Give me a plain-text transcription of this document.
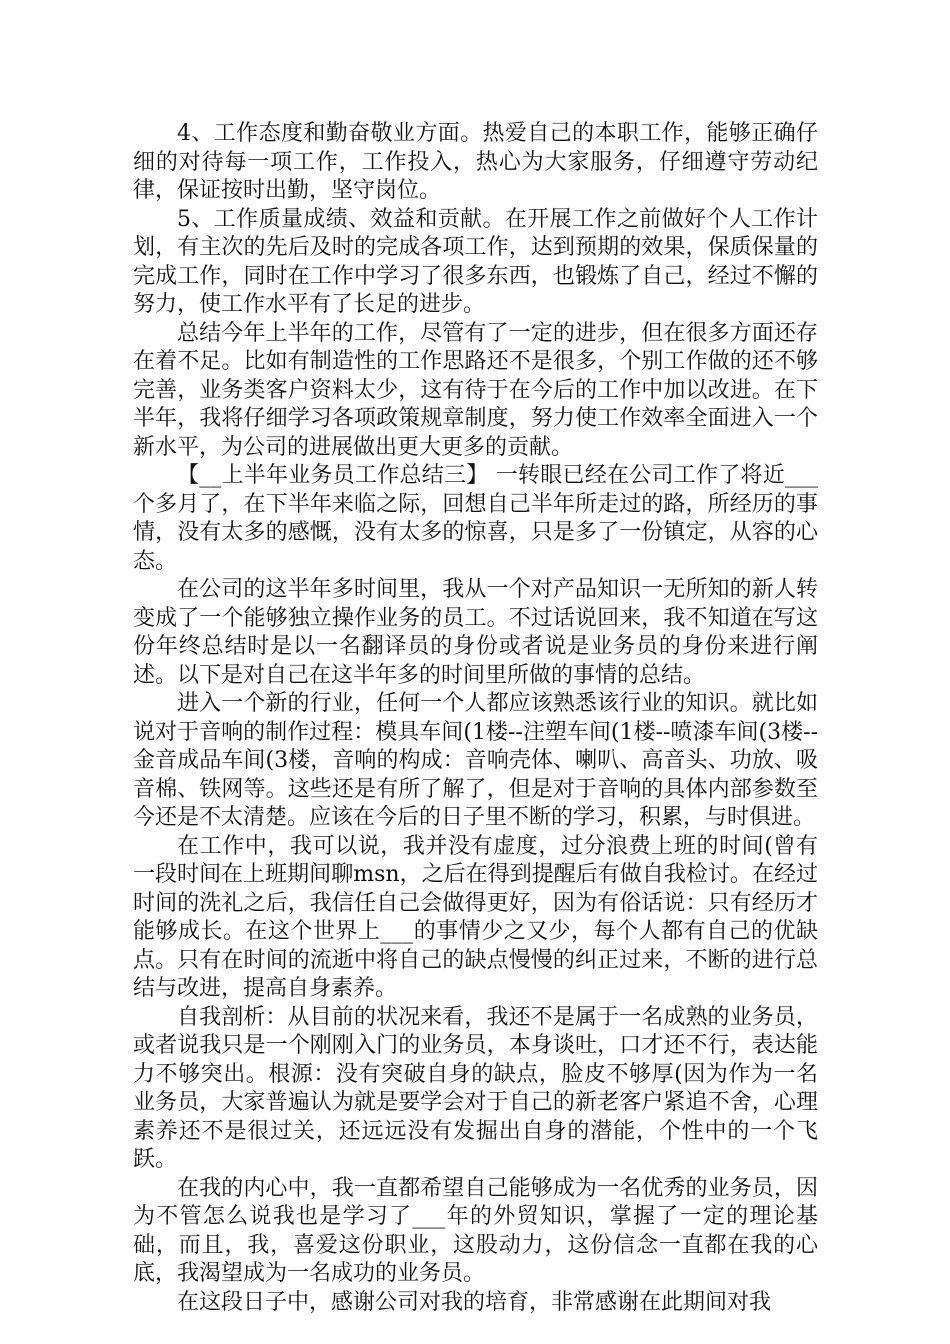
4、工作态度和勤奋敬业方面。热爱自己的本职工作，能够正确仔细的对待每一项工作，工作投入，热心为大家服务，仔细遵守劳动纪律，保证按时出勤，坚守岗位。

5、工作质量成绩、效益和贡献。在开展工作之前做好个人工作计划，有主次的先后及时的完成各项工作，达到预期的效果，保质保量的完成工作，同时在工作中学习了很多东西，也锻炼了自己，经过不懈的努力，使工作水平有了长足的进步。

总结今年上半年的工作，尽管有了一定的进步，但在很多方面还存在着不足。比如有制造性的工作思路还不是很多，个别工作做的还不够完善，业务类客户资料太少，这有待于在今后的工作中加以改进。在下半年，我将仔细学习各项政策规章制度，努力使工作效率全面进入一个新水平，为公司的进展做出更大更多的贡献。

【__上半年业务员工作总结三】 一转眼已经在公司工作了将近___个多月了，在下半年来临之际，回想自己半年所走过的路，所经历的事情，没有太多的感慨，没有太多的惊喜，只是多了一份镇定，从容的心态。

在公司的这半年多时间里，我从一个对产品知识一无所知的新人转变成了一个能够独立操作业务的员工。不过话说回来，我不知道在写这份年终总结时是以一名翻译员的身份或者说是业务员的身份来进行阐述。以下是对自己在这半年多的时间里所做的事情的总结。

进入一个新的行业，任何一个人都应该熟悉该行业的知识。就比如说对于音响的制作过程：模具车间(1楼--注塑车间(1楼--喷漆车间(3楼--金音成品车间(3楼，音响的构成：音响壳体、喇叭、高音头、功放、吸音棉、铁网等。这些还是有所了解了，但是对于音响的具体内部参数至今还是不太清楚。应该在今后的日子里不断的学习，积累，与时俱进。

在工作中，我可以说，我并没有虚度，过分浪费上班的时间(曾有一段时间在上班期间聊msn，之后在得到提醒后有做自我检讨。在经过时间的洗礼之后，我信任自己会做得更好，因为有俗话说：只有经历才能够成长。在这个世界上___的事情少之又少，每个人都有自己的优缺点。只有在时间的流逝中将自己的缺点慢慢的纠正过来，不断的进行总结与改进，提高自身素养。

自我剖析：从目前的状况来看，我还不是属于一名成熟的业务员，或者说我只是一个刚刚入门的业务员，本身谈吐，口才还不行，表达能力不够突出。根源：没有突破自身的缺点，脸皮不够厚(因为作为一名业务员，大家普遍认为就是要学会对于自己的新老客户紧追不舍，心理素养还不是很过关，还远远没有发掘出自身的潜能，个性中的一个飞跃。

在我的内心中，我一直都希望自己能够成为一名优秀的业务员，因为不管怎么说我也是学习了___年的外贸知识，掌握了一定的理论基础，而且，我，喜爱这份职业，这股动力，这份信念一直都在我的心底，我渴望成为一名成功的业务员。

在这段日子中，感谢公司对我的培育，非常感谢在此期间对我
